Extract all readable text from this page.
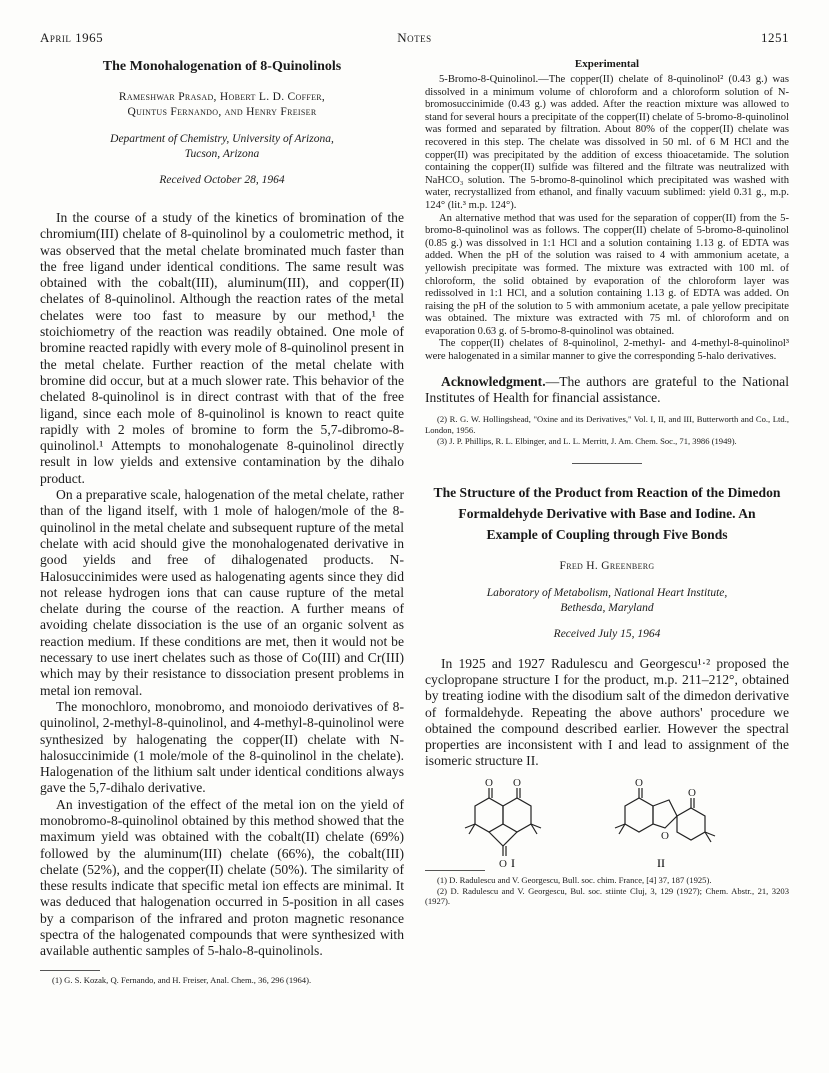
April 1965	Notes	1251
The Monohalogenation of 8-Quinolinols
Rameshwar Prasad, Hobert L. D. Coffer,
Quintus Fernando, and Henry Freiser
Department of Chemistry, University of Arizona,
Tucson, Arizona
Received October 28, 1964

In the course of a study of the kinetics of bromination of the chromium(III) chelate of 8-quinolinol by a coulometric method, it was observed that the metal chelate brominated much faster than the free ligand under identical conditions. The same result was obtained with the cobalt(III), aluminum(III), and copper(II) chelates of 8-quinolinol. Although the reaction rates of the metal chelates were too fast to measure by our method,¹ the stoichiometry of the reaction was readily obtained. One mole of bromine reacted rapidly with every mole of 8-quinolinol present in the metal chelate. Further reaction of the metal chelate with bromine did occur, but at a much slower rate. This behavior of the chelated 8-quinolinol is in direct contrast with that of the free ligand, since each mole of 8-quinolinol is known to react quite rapidly with 2 moles of bromine to form the 5,7-dibromo-8-quinolinol.¹ Attempts to monohalogenate 8-quinolinol directly result in low yields and extensive contamination by the dihalo product.

On a preparative scale, halogenation of the metal chelate, rather than of the ligand itself, with 1 mole of halogen/mole of the 8-quinolinol in the metal chelate and subsequent rupture of the metal chelate with acid should give the monohalogenated derivative in good yields and free of dihalogenated products. N-Halosuccinimides were used as halogenating agents since they did not release hydrogen ions that can cause rupture of the metal chelate during the course of the reaction. A further means of avoiding chelate dissociation is the use of an organic solvent as reaction medium. If these conditions are met, then it would not be necessary to use inert chelates such as those of Co(III) and Cr(III) which may by their resistance to dissociation present problems in metal ion removal.

The monochloro, monobromo, and monoiodo derivatives of 8-quinolinol, 2-methyl-8-quinolinol, and 4-methyl-8-quinolinol were synthesized by halogenating the copper(II) chelate with N-halosuccinimide (1 mole/mole of the 8-quinolinol in the chelate). Halogenation of the lithium salt under identical conditions always gave the 5,7-dihalo derivative.

An investigation of the effect of the metal ion on the yield of monobromo-8-quinolinol obtained by this method showed that the maximum yield was obtained with the cobalt(II) chelate (69%) followed by the aluminum(III) chelate (66%), the cobalt(III) chelate (52%), and the copper(II) chelate (50%). The similarity of these results indicate that specific metal ion effects are minimal. It was deduced that halogenation occurred in 5-position in all cases by a comparison of the infrared and proton magnetic resonance spectra of the halogenated compounds that were synthesized with available authentic samples of 5-halo-8-quinolinols.

(1) G. S. Kozak, Q. Fernando, and H. Freiser, Anal. Chem., 36, 296 (1964).

Experimental

5-Bromo-8-Quinolinol.—The copper(II) chelate of 8-quinolinol² (0.43 g.) was dissolved in a minimum volume of chloroform and a chloroform solution of N-bromosuccinimide (0.43 g.) was added. After the reaction mixture was allowed to stand for several hours a precipitate of the copper(II) chelate of 5-bromo-8-quinolinol was formed and separated by filtration. About 80% of the copper(II) chelate was recovered in this step. The chelate was dissolved in 50 ml. of 6 M HCl and the copper(II) was precipitated by the addition of excess thioacetamide. The solution containing the copper(II) sulfide was filtered and the filtrate was neutralized with NaHCO₃ solution. The 5-bromo-8-quinolinol which precipitated was washed with water, recrystallized from ethanol, and finally vacuum sublimed: yield 0.31 g., m.p. 124° (lit.³ m.p. 124°).

An alternative method that was used for the separation of copper(II) from the 5-bromo-8-quinolinol was as follows. The copper(II) chelate of 5-bromo-8-quinolinol (0.85 g.) was dissolved in 1:1 HCl and a solution containing 1.13 g. of EDTA was added. When the pH of the solution was raised to 4 with ammonium acetate, a yellowish precipitate was formed. The mixture was extracted with 100 ml. of chloroform, the solid obtained by evaporation of the chloroform layer was redissolved in 1:1 HCl, and a solution containing 1.13 g. of EDTA was added. On raising the pH of the solution to 5 with ammonium acetate, a pale yellow precipitate was obtained. The mixture was extracted with 75 ml. of chloroform and on evaporation 0.63 g. of 5-bromo-8-quinolinol was obtained.

The copper(II) chelates of 8-quinolinol, 2-methyl- and 4-methyl-8-quinolinol³ were halogenated in a similar manner to give the corresponding 5-halo derivatives.

Acknowledgment.—The authors are grateful to the National Institutes of Health for financial assistance.

(2) R. G. W. Hollingshead, "Oxine and its Derivatives," Vol. I, II, and III, Butterworth and Co., Ltd., London, 1956.

(3) J. P. Phillips, R. L. Elbinger, and L. L. Merritt, J. Am. Chem. Soc., 71, 3986 (1949).

The Structure of the Product from Reaction of the Dimedon Formaldehyde Derivative with Base and Iodine. An Example of Coupling through Five Bonds
Fred H. Greenberg
Laboratory of Metabolism, National Heart Institute,
Bethesda, Maryland
Received July 15, 1964

In 1925 and 1927 Radulescu and Georgescu¹·² proposed the cyclopropane structure I for the product, m.p. 211–212°, obtained by treating iodine with the disodium salt of the dimedon derivative of formaldehyde. Repeating the above authors' procedure we obtained the compound described earlier. However the spectral properties are inconsistent with I and lead to assignment of the isomeric structure II.

O O
O
O
O
O
I	II

(1) D. Radulescu and V. Georgescu, Bull. soc. chim. France, [4] 37, 187 (1925).

(2) D. Radulescu and V. Georgescu, Bul. soc. stiinte Cluj, 3, 129 (1927); Chem. Abstr., 21, 3203 (1927).
